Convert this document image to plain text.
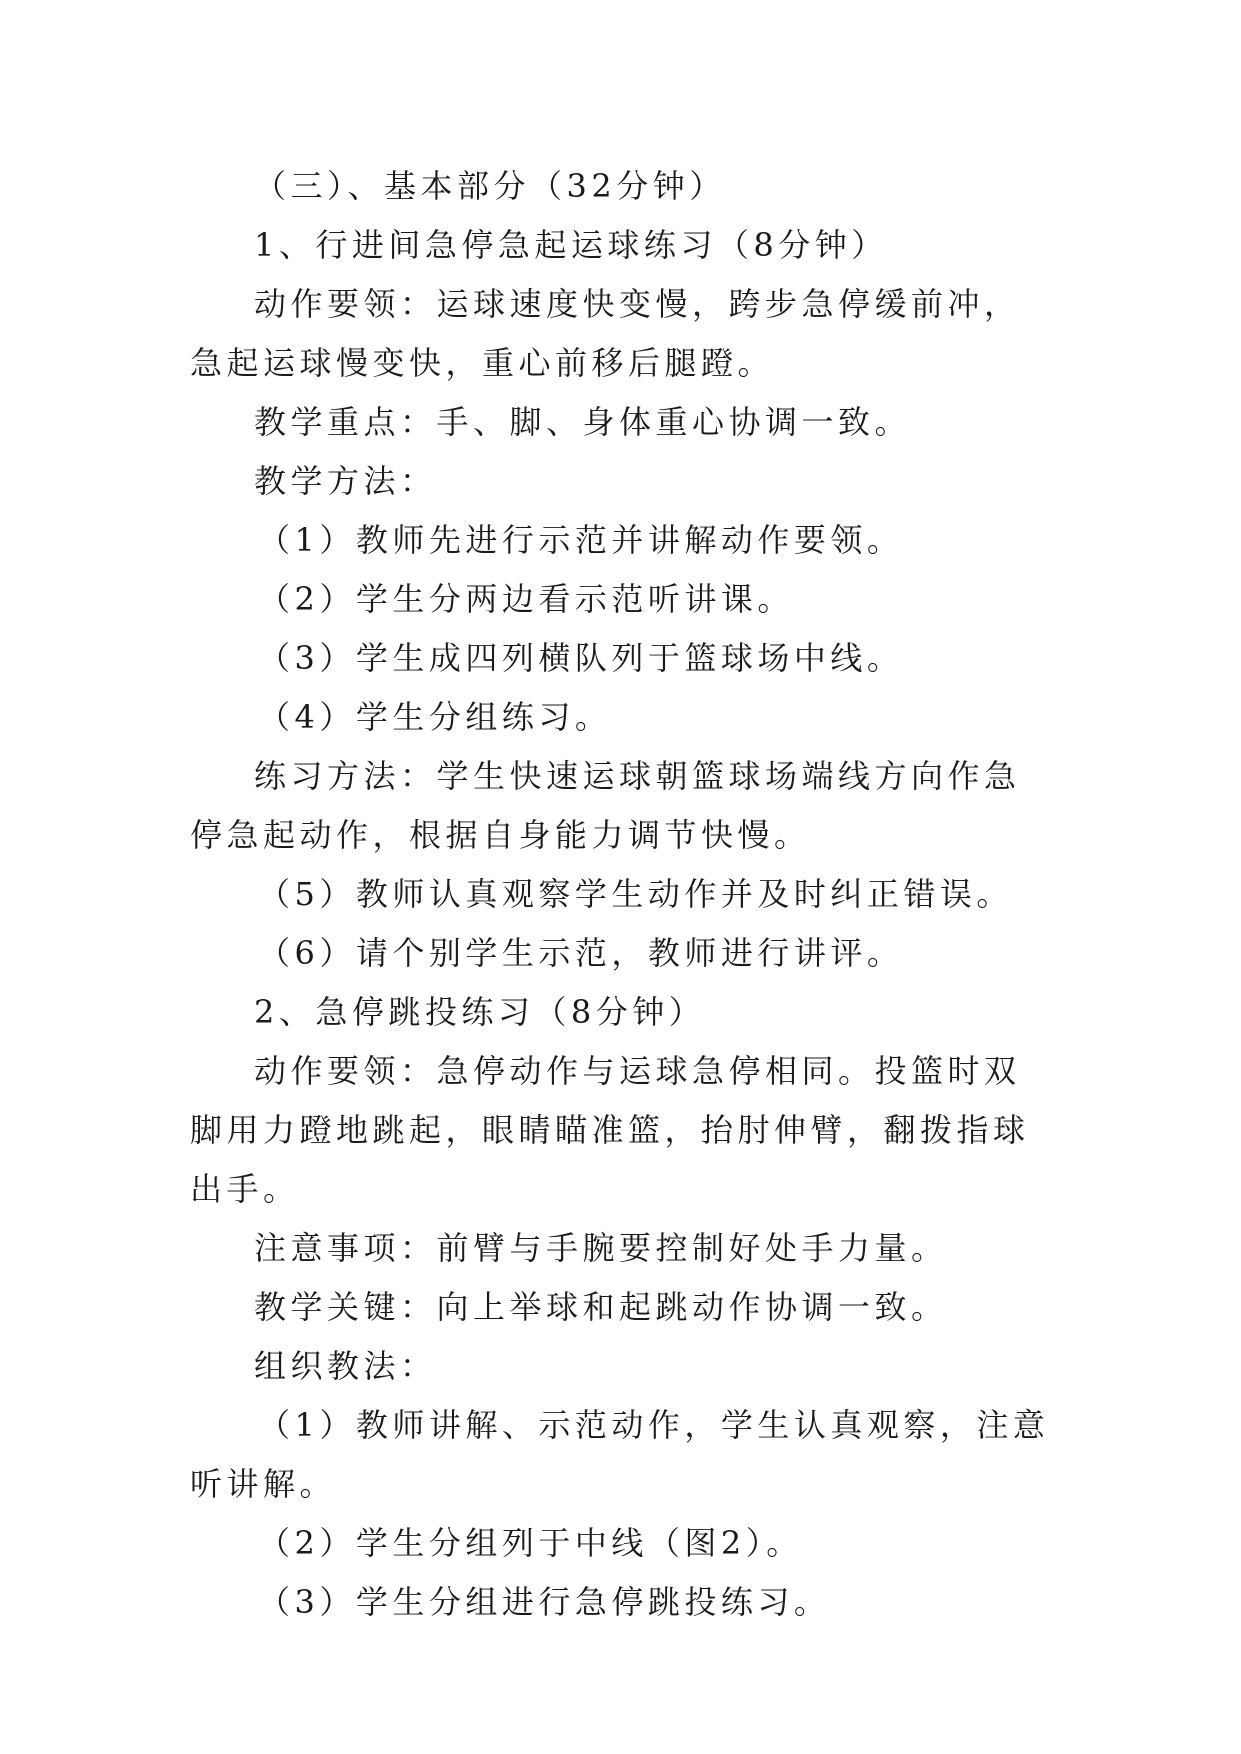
（三）、基本部分（32分钟）

1、行进间急停急起运球练习（8分钟）

动作要领：运球速度快变慢，跨步急停缓前冲，急起运球慢变快，重心前移后腿蹬。

教学重点：手、脚、身体重心协调一致。

教学方法：

（1）教师先进行示范并讲解动作要领。

（2）学生分两边看示范听讲课。

（3）学生成四列横队列于篮球场中线。

（4）学生分组练习。

练习方法：学生快速运球朝篮球场端线方向作急停急起动作，根据自身能力调节快慢。

（5）教师认真观察学生动作并及时纠正错误。

（6）请个别学生示范，教师进行讲评。

2、急停跳投练习（8分钟）

动作要领：急停动作与运球急停相同。投篮时双脚用力蹬地跳起，眼睛瞄准篮，抬肘伸臂，翻拨指球出手。

注意事项：前臂与手腕要控制好处手力量。

教学关键：向上举球和起跳动作协调一致。

组织教法：

（1）教师讲解、示范动作，学生认真观察，注意听讲解。

（2）学生分组列于中线（图2）。

（3）学生分组进行急停跳投练习。
